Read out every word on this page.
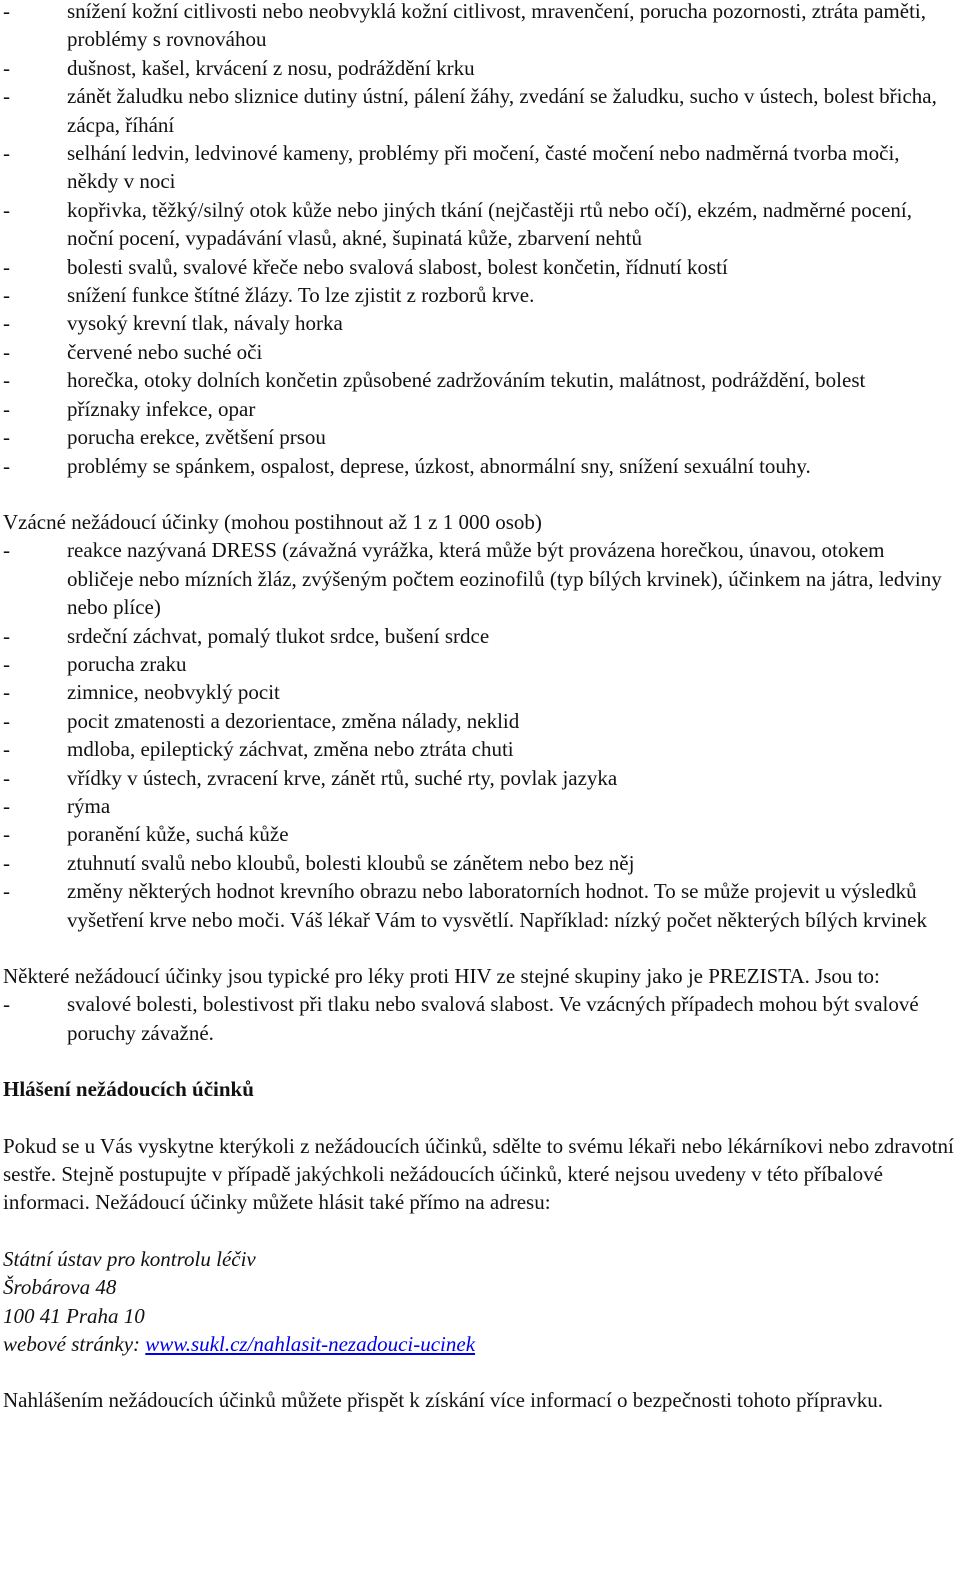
-	snížení kožní citlivosti nebo neobvyklá kožní citlivost, mravenčení, porucha pozornosti, ztráta paměti, problémy s rovnováhou
-	dušnost, kašel, krvácení z nosu, podráždění krku
-	zánět žaludku nebo sliznice dutiny ústní, pálení žáhy, zvedání se žaludku, sucho v ústech, bolest břicha, zácpa, říhání
-	selhání ledvin, ledvinové kameny, problémy při močení, časté močení nebo nadměrná tvorba moči, někdy v noci
-	kopřivka, těžký/silný otok kůže nebo jiných tkání (nejčastěji rtů nebo očí), ekzém, nadměrné pocení, noční pocení, vypadávání vlasů, akné, šupinatá kůže, zbarvení nehtů
-	bolesti svalů, svalové křeče nebo svalová slabost, bolest končetin, řídnutí kostí
-	snížení funkce štítné žlázy. To lze zjistit z rozborů krve.
-	vysoký krevní tlak, návaly horka
-	červené nebo suché oči
-	horečka, otoky dolních končetin způsobené zadržováním tekutin, malátnost, podráždění, bolest
-	příznaky infekce, opar
-	porucha erekce, zvětšení prsou
-	problémy se spánkem, ospalost, deprese, úzkost, abnormální sny, snížení sexuální touhy.

Vzácné nežádoucí účinky (mohou postihnout až 1 z 1 000 osob)

-	reakce nazývaná DRESS (závažná vyrážka, která může být provázena horečkou, únavou, otokem obličeje nebo mízních žláz, zvýšeným počtem eozinofilů (typ bílých krvinek), účinkem na játra, ledviny nebo plíce)
-	srdeční záchvat, pomalý tlukot srdce, bušení srdce
-	porucha zraku
-	zimnice, neobvyklý pocit
-	pocit zmatenosti a dezorientace, změna nálady, neklid
-	mdloba, epileptický záchvat, změna nebo ztráta chuti
-	vřídky v ústech, zvracení krve, zánět rtů, suché rty, povlak jazyka
-	rýma
-	poranění kůže, suchá kůže
-	ztuhnutí svalů nebo kloubů, bolesti kloubů se zánětem nebo bez něj
-	změny některých hodnot krevního obrazu nebo laboratorních hodnot. To se může projevit u výsledků vyšetření krve nebo moči. Váš lékař Vám to vysvětlí. Například: nízký počet některých bílých krvinek

Některé nežádoucí účinky jsou typické pro léky proti HIV ze stejné skupiny jako je PREZISTA. Jsou to:

-	svalové bolesti, bolestivost při tlaku nebo svalová slabost. Ve vzácných případech mohou být svalové poruchy závažné.

Hlášení nežádoucích účinků

Pokud se u Vás vyskytne kterýkoli z nežádoucích účinků, sdělte to svému lékaři nebo lékárníkovi nebo zdravotní sestře. Stejně postupujte v případě jakýchkoli nežádoucích účinků, které nejsou uvedeny v této příbalové informaci. Nežádoucí účinky můžete hlásit také přímo na adresu:

Státní ústav pro kontrolu léčiv
Šrobárova 48
100 41 Praha 10
webové stránky: www.sukl.cz/nahlasit-nezadouci-ucinek

Nahlášením nežádoucích účinků můžete přispět k získání více informací o bezpečnosti tohoto přípravku.
